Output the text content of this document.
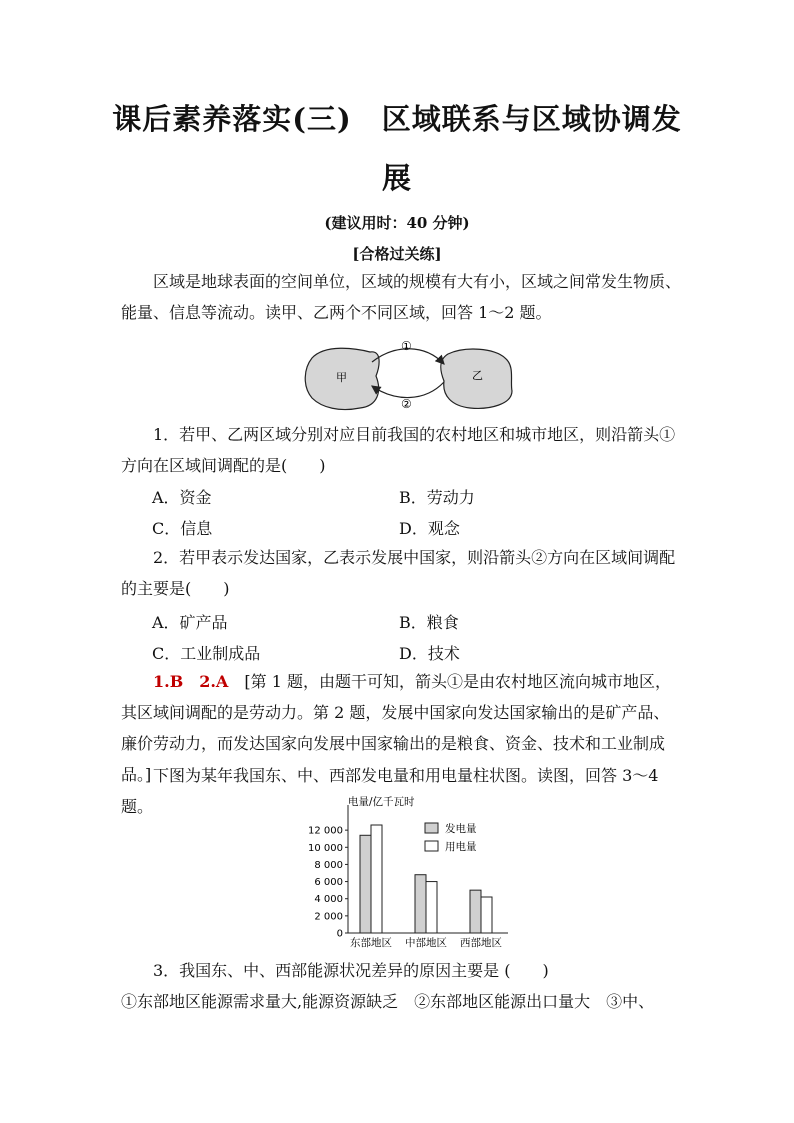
课后素养落实(三)　区域联系与区域协调发
展
(建议用时：40 分钟)
[合格过关练]
区域是地球表面的空间单位，区域的规模有大有小，区域之间常发生物质、能量、信息等流动。读甲、乙两个不同区域，回答 1～2 题。
甲	乙
①
②
1．若甲、乙两区域分别对应目前我国的农村地区和城市地区，则沿箭头①方向在区域间调配的是(　　)
A．资金	B．劳动力
C．信息	D．观念
2．若甲表示发达国家，乙表示发展中国家，则沿箭头②方向在区域间调配的主要是(　　)
A．矿产品	B．粮食
C．工业制成品	D．技术
1.B　2.A　 [第 1 题，由题干可知，箭头①是由农村地区流向城市地区，其区域间调配的是劳动力。第 2 题，发展中国家向发达国家输出的是矿产品、廉价劳动力，而发达国家向发展中国家输出的是粮食、资金、技术和工业制成品。] 下图为某年我国东、中、西部发电量和用电量柱状图。读图，回答 3～4 题。	电量/亿千瓦时
0
2 000
4 000
6 000
8 000
10 000
12 000
东部地区 中部地区 西部地区
发电量
用电量
3．我国东、中、西部能源状况差异的原因主要是 (　　)
①东部地区能源需求量大,能源资源缺乏　②东部地区能源出口量大　③中、
